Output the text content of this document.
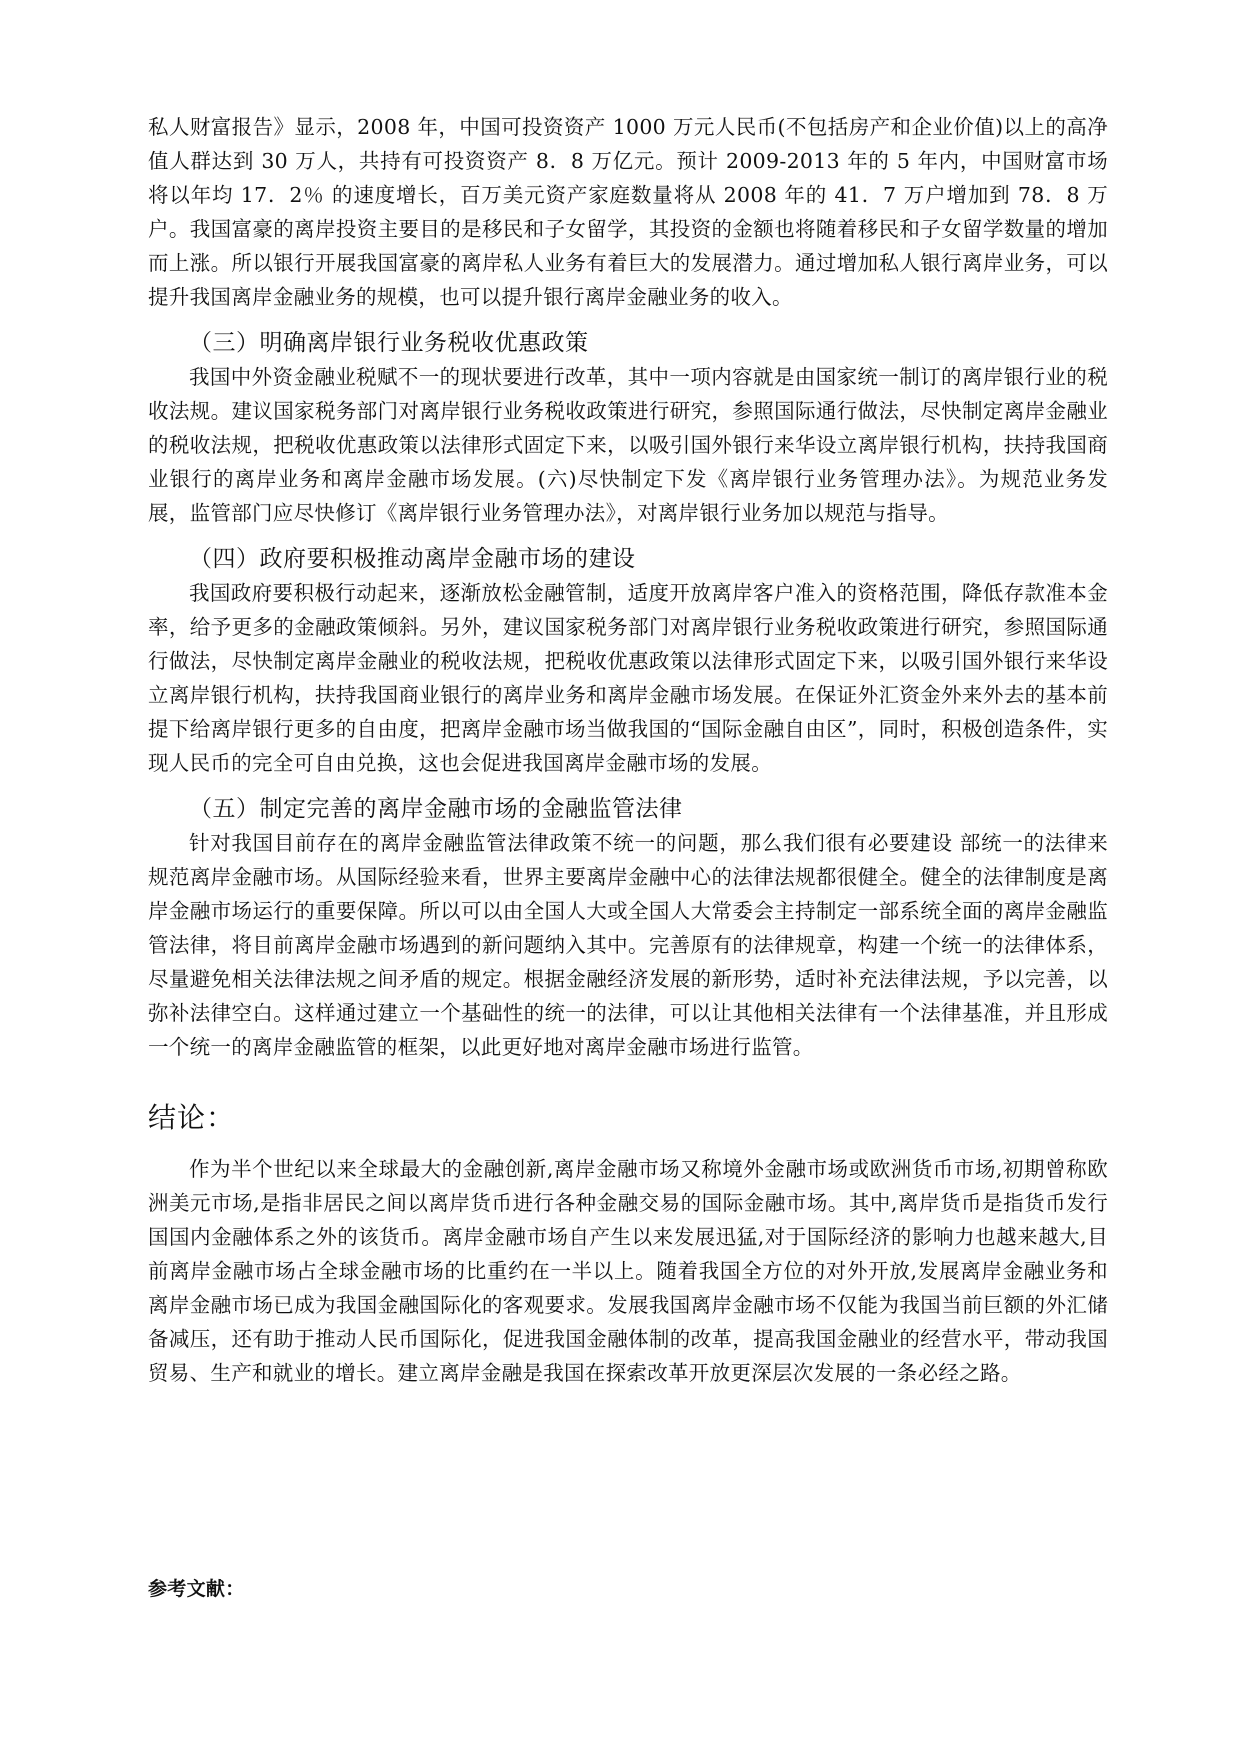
私人财富报告》显示，2008 年，中国可投资资产 1000 万元人民币(不包括房产和企业价值)以上的高净值人群达到 30 万人，共持有可投资资产 8．8 万亿元。预计 2009-2013 年的 5 年内，中国财富市场将以年均 17．2％ 的速度增长，百万美元资产家庭数量将从 2008 年的 41．7 万户增加到 78．8 万户。我国富豪的离岸投资主要目的是移民和子女留学，其投资的金额也将随着移民和子女留学数量的增加而上涨。所以银行开展我国富豪的离岸私人业务有着巨大的发展潜力。通过增加私人银行离岸业务，可以提升我国离岸金融业务的规模，也可以提升银行离岸金融业务的收入。

（三）明确离岸银行业务税收优惠政策

我国中外资金融业税赋不一的现状要进行改革，其中一项内容就是由国家统一制订的离岸银行业的税收法规。建议国家税务部门对离岸银行业务税收政策进行研究，参照国际通行做法，尽快制定离岸金融业的税收法规，把税收优惠政策以法律形式固定下来，以吸引国外银行来华设立离岸银行机构，扶持我国商业银行的离岸业务和离岸金融市场发展。(六)尽快制定下发《离岸银行业务管理办法》。为规范业务发展，监管部门应尽快修订《离岸银行业务管理办法》，对离岸银行业务加以规范与指导。

（四）政府要积极推动离岸金融市场的建设

我国政府要积极行动起来，逐渐放松金融管制，适度开放离岸客户准入的资格范围，降低存款准本金率，给予更多的金融政策倾斜。另外，建议国家税务部门对离岸银行业务税收政策进行研究，参照国际通行做法，尽快制定离岸金融业的税收法规，把税收优惠政策以法律形式固定下来，以吸引国外银行来华设立离岸银行机构，扶持我国商业银行的离岸业务和离岸金融市场发展。在保证外汇资金外来外去的基本前提下给离岸银行更多的自由度，把离岸金融市场当做我国的“国际金融自由区”，同时，积极创造条件，实现人民币的完全可自由兑换，这也会促进我国离岸金融市场的发展。

（五）制定完善的离岸金融市场的金融监管法律

针对我国目前存在的离岸金融监管法律政策不统一的问题，那么我们很有必要建设 部统一的法律来规范离岸金融市场。从国际经验来看，世界主要离岸金融中心的法律法规都很健全。健全的法律制度是离岸金融市场运行的重要保障。所以可以由全国人大或全国人大常委会主持制定一部系统全面的离岸金融监管法律，将目前离岸金融市场遇到的新问题纳入其中。完善原有的法律规章，构建一个统一的法律体系，尽量避免相关法律法规之间矛盾的规定。根据金融经济发展的新形势，适时补充法律法规，予以完善，以弥补法律空白。这样通过建立一个基础性的统一的法律，可以让其他相关法律有一个法律基准，并且形成一个统一的离岸金融监管的框架，以此更好地对离岸金融市场进行监管。

结论：

作为半个世纪以来全球最大的金融创新,离岸金融市场又称境外金融市场或欧洲货币市场,初期曾称欧洲美元市场,是指非居民之间以离岸货币进行各种金融交易的国际金融市场。其中,离岸货币是指货币发行国国内金融体系之外的该货币。离岸金融市场自产生以来发展迅猛,对于国际经济的影响力也越来越大,目前离岸金融市场占全球金融市场的比重约在一半以上。随着我国全方位的对外开放,发展离岸金融业务和离岸金融市场已成为我国金融国际化的客观要求。发展我国离岸金融市场不仅能为我国当前巨额的外汇储备减压，还有助于推动人民币国际化，促进我国金融体制的改革，提高我国金融业的经营水平，带动我国贸易、生产和就业的增长。建立离岸金融是我国在探索改革开放更深层次发展的一条必经之路。

参考文献：
